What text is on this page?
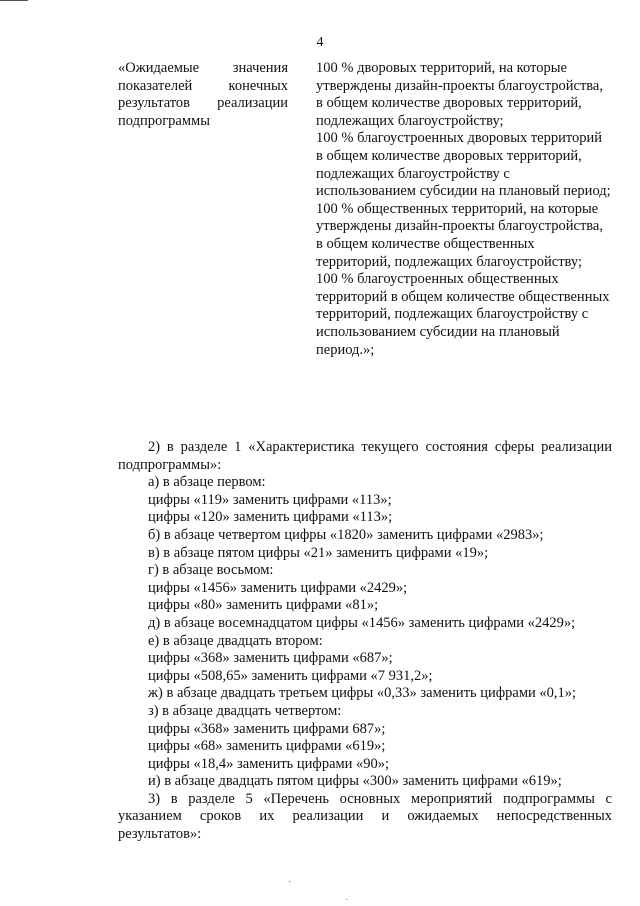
4
«Ожидаемые значения показателей конечных результатов реализации подпрограммы

100 % дворовых территорий, на которые утверждены дизайн-проекты благоустройства, в общем количестве дворовых территорий, подлежащих благоустройству;

100 % благоустроенных дворовых территорий в общем количестве дворовых территорий, подлежащих благоустройству с использованием субсидии на плановый период;

100 % общественных территорий, на которые утверждены дизайн-проекты благоустройства, в общем количестве общественных территорий, подлежащих благоустройству;

100 % благоустроенных общественных территорий в общем количестве общественных территорий, подлежащих благоустройству с использованием субсидии на плановый период.»;

2) в разделе 1 «Характеристика текущего состояния сферы реализации

подпрограммы»:

а) в абзаце первом:

цифры «119» заменить цифрами «113»;

цифры «120» заменить цифрами «113»;

б) в абзаце четвертом цифры «1820» заменить цифрами «2983»;

в) в абзаце пятом цифры «21» заменить цифрами «19»;

г) в абзаце восьмом:

цифры «1456» заменить цифрами «2429»;

цифры «80» заменить цифрами «81»;

д) в абзаце восемнадцатом цифры «1456» заменить цифрами «2429»;

е) в абзаце двадцать втором:

цифры «368» заменить цифрами «687»;

цифры «508,65» заменить цифрами «7 931,2»;

ж) в абзаце двадцать третьем цифры «0,33» заменить цифрами «0,1»;

з) в абзаце двадцать четвертом:

цифры «368» заменить цифрами 687»;

цифры «68» заменить цифрами «619»;

цифры «18,4» заменить цифрами «90»;

и) в абзаце двадцать пятом цифры «300» заменить цифрами «619»;

3) в разделе 5 «Перечень основных мероприятий подпрограммы с

указанием сроков их реализации и ожидаемых непосредственных

результатов»:

·
·
